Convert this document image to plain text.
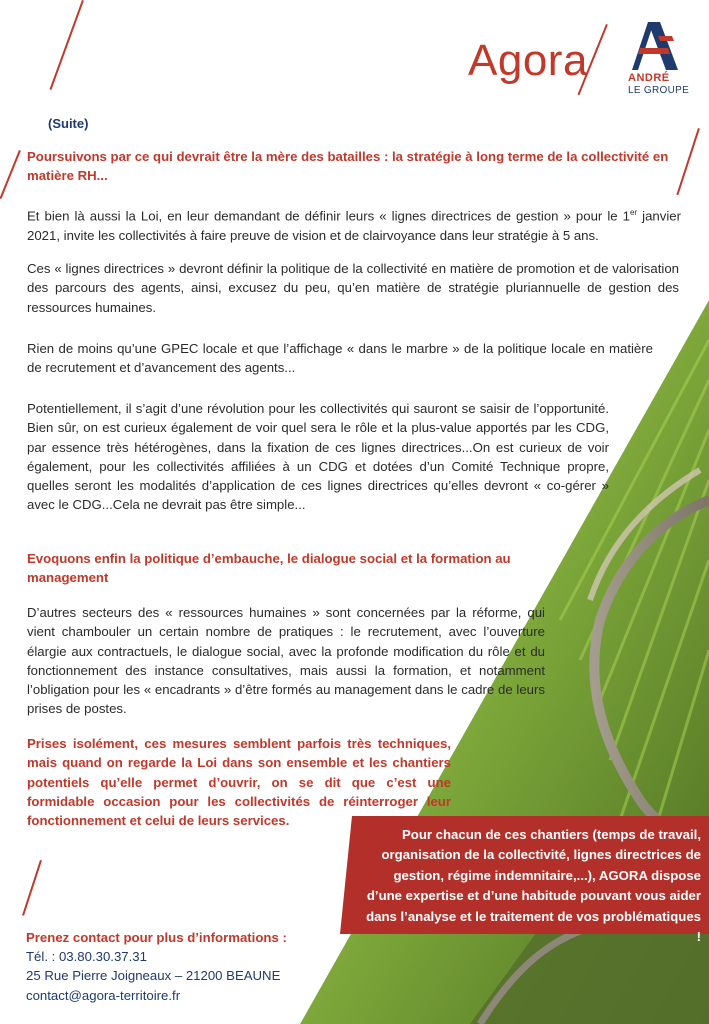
Agora	ANDRÉ
LE GROUPE
(Suite)
Poursuivons par ce qui devrait être la mère des batailles : la stratégie à long terme de la collectivité en matière RH...
Et bien là aussi la Loi, en leur demandant de définir leurs « lignes directrices de gestion » pour le 1er janvier 2021, invite les collectivités à faire preuve de vision et de clairvoyance dans leur stratégie à 5 ans.
Ces « lignes directrices » devront définir la politique de la collectivité en matière de promotion et de valorisation des parcours des agents, ainsi, excusez du peu, qu’en matière de stratégie pluriannuelle de gestion des ressources humaines.
Rien de moins qu’une GPEC locale et que l’affichage « dans le marbre » de la politique locale en matière de recrutement et d’avancement des agents...
Potentiellement, il s’agit d’une révolution pour les collectivités qui sauront se saisir de l’opportunité. Bien sûr, on est curieux également de voir quel sera le rôle et la plus-value apportés par les CDG, par essence très hétérogènes, dans la fixation de ces lignes directrices...On est curieux de voir également, pour les collectivités affiliées à un CDG et dotées d’un Comité Technique propre, quelles seront les modalités d’application de ces lignes directrices qu’elles devront « co-gérer » avec le CDG...Cela ne devrait pas être simple...
Evoquons enfin la politique d’embauche, le dialogue social et la formation au management
D’autres secteurs des « ressources humaines » sont concernées par la réforme, qui vient chambouler un certain nombre de pratiques : le recrutement, avec l’ouverture élargie aux contractuels, le dialogue social, avec la profonde modification du rôle et du fonctionnement des instance consultatives, mais aussi la formation, et notamment l’obligation pour les « encadrants » d’être formés au management dans le cadre de leurs prises de postes.
Prises isolément, ces mesures semblent parfois très techniques, mais quand on regarde la Loi dans son ensemble et les chantiers potentiels qu’elle permet d’ouvrir, on se dit que c’est une formidable occasion pour les collectivités de réinterroger leur fonctionnement et celui de leurs services.
Pour chacun de ces chantiers (temps de travail, organisation de la collectivité, lignes directrices de gestion, régime indemnitaire,...), AGORA dispose d’une expertise et d’une habitude pouvant vous aider dans l’analyse et le traitement de vos problématiques !
Prenez contact pour plus d’informations :
Tél. : 03.80.30.37.31
25 Rue Pierre Joigneaux – 21200 BEAUNE
contact@agora-territoire.fr
